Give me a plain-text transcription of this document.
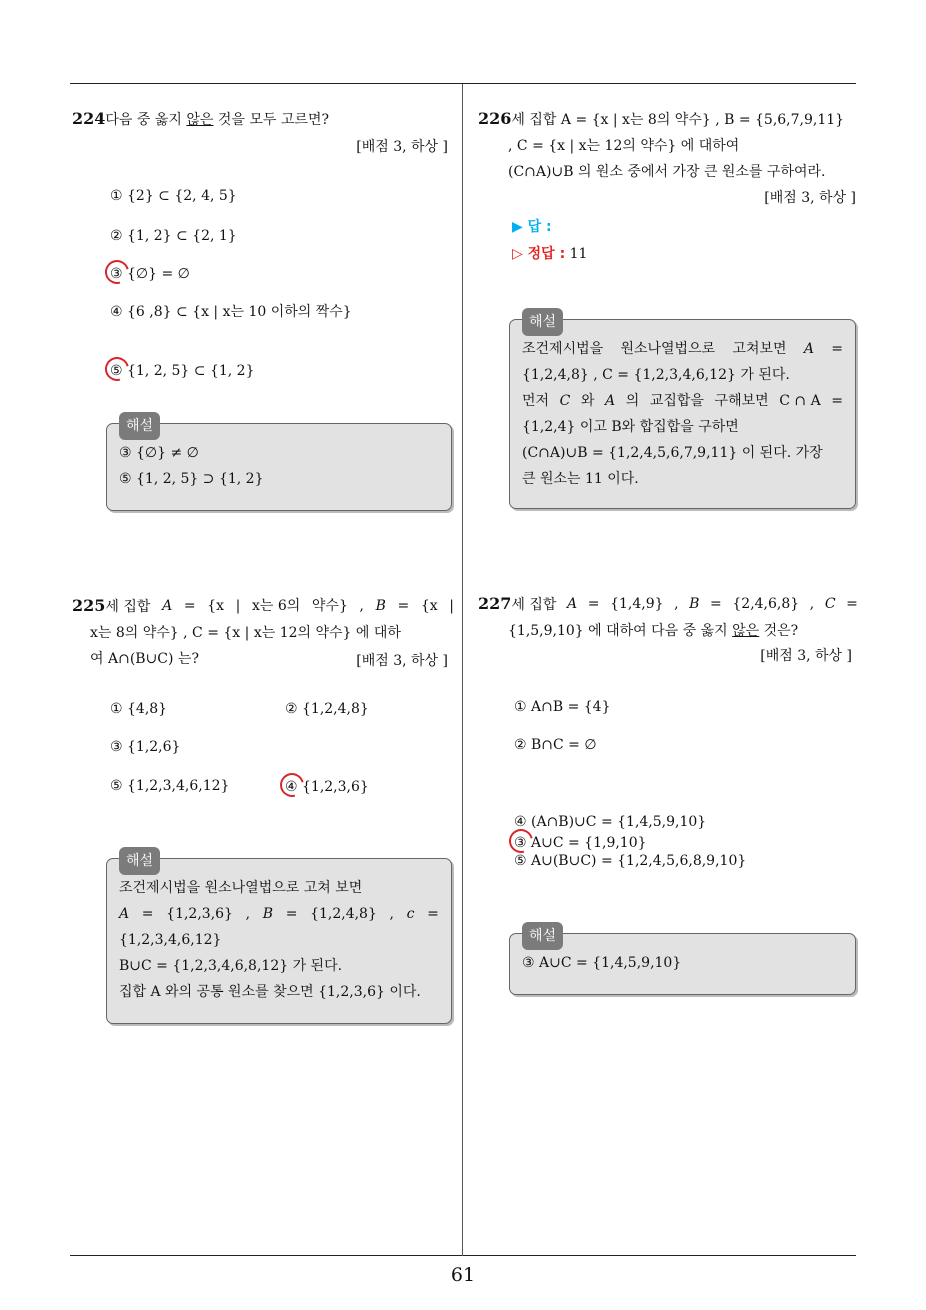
61
224다음 중 옳지 않은 것을 모두 고르면?
[배점 3, 하상 ]
① {2} ⊂ {2, 4, 5}
② {1, 2} ⊂ {2, 1}
③ {∅} = ∅
④ {6 ,8} ⊂ {x | x는 10 이하의 짝수}
⑤ {1, 2, 5} ⊂ {1, 2}
해설
③ {∅} ≠ ∅
⑤ {1, 2, 5} ⊃ {1, 2}
225세 집합 A = {x | x는 6의 약수} , B = {x |
x는 8의 약수} , C = {x | x는 12의 약수} 에 대하
여 A∩(B∪C) 는?	[배점 3, 하상 ]
① {4,8}	② {1,2,4,8}
③ {1,2,6}
④ {1,2,3,6}
⑤ {1,2,3,4,6,12}
해설
조건제시법을 원소나열법으로 고쳐 보면
A = {1,2,3,6} , B = {1,2,4,8} , c =
{1,2,3,4,6,12}
B∪C = {1,2,3,4,6,8,12} 가 된다.
집합 A 와의 공통 원소를 찾으면 {1,2,3,6} 이다.
226세 집합 A = {x | x는 8의 약수} , B = {5,6,7,9,11}
, C = {x | x는 12의 약수} 에 대하여
(C∩A)∪B 의 원소 중에서 가장 큰 원소를 구하여라.
[배점 3, 하상 ]
▶ 답 :
▷ 정답 : 11
해설
조건제시법을 원소나열법으로 고쳐보면 A =
{1,2,4,8} , C = {1,2,3,4,6,12} 가 된다.
먼저 C 와 A 의 교집합을 구해보면 C ∩ A =
{1,2,4} 이고 B와 합집합을 구하면
(C∩A)∪B = {1,2,4,5,6,7,9,11} 이 된다. 가장
큰 원소는 11 이다.
227세 집합 A = {1,4,9} , B = {2,4,6,8} , C =
{1,5,9,10} 에 대하여 다음 중 옳지 않은 것은?
[배점 3, 하상 ]
① A∩B = {4}
② B∩C = ∅
③ A∪C = {1,9,10}
④ (A∩B)∪C = {1,4,5,9,10}
⑤ A∪(B∪C) = {1,2,4,5,6,8,9,10}
해설
③ A∪C = {1,4,5,9,10}
